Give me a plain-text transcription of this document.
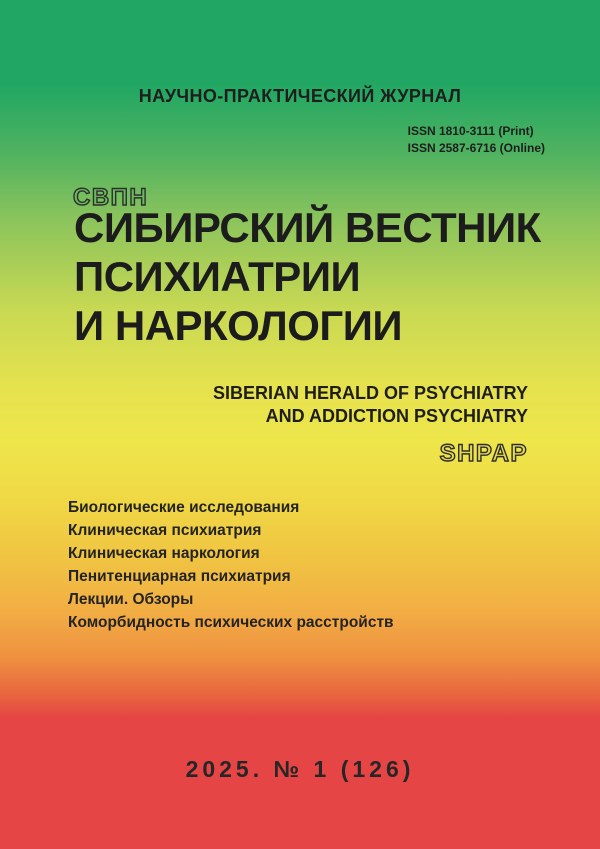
НАУЧНО-ПРАКТИЧЕСКИЙ ЖУРНАЛ
ISSN 1810-3111 (Print)
ISSN 2587-6716 (Online)
СВПН
СИБИРСКИЙ ВЕСТНИК
ПСИХИАТРИИ
И НАРКОЛОГИИ
SIBERIAN HERALD OF PSYCHIATRY
AND ADDICTION PSYCHIATRY
SHPAP
Биологические исследования
Клиническая психиатрия
Клиническая наркология
Пенитенциарная психиатрия
Лекции. Обзоры
Коморбидность психических расстройств
2025. № 1 (126)
